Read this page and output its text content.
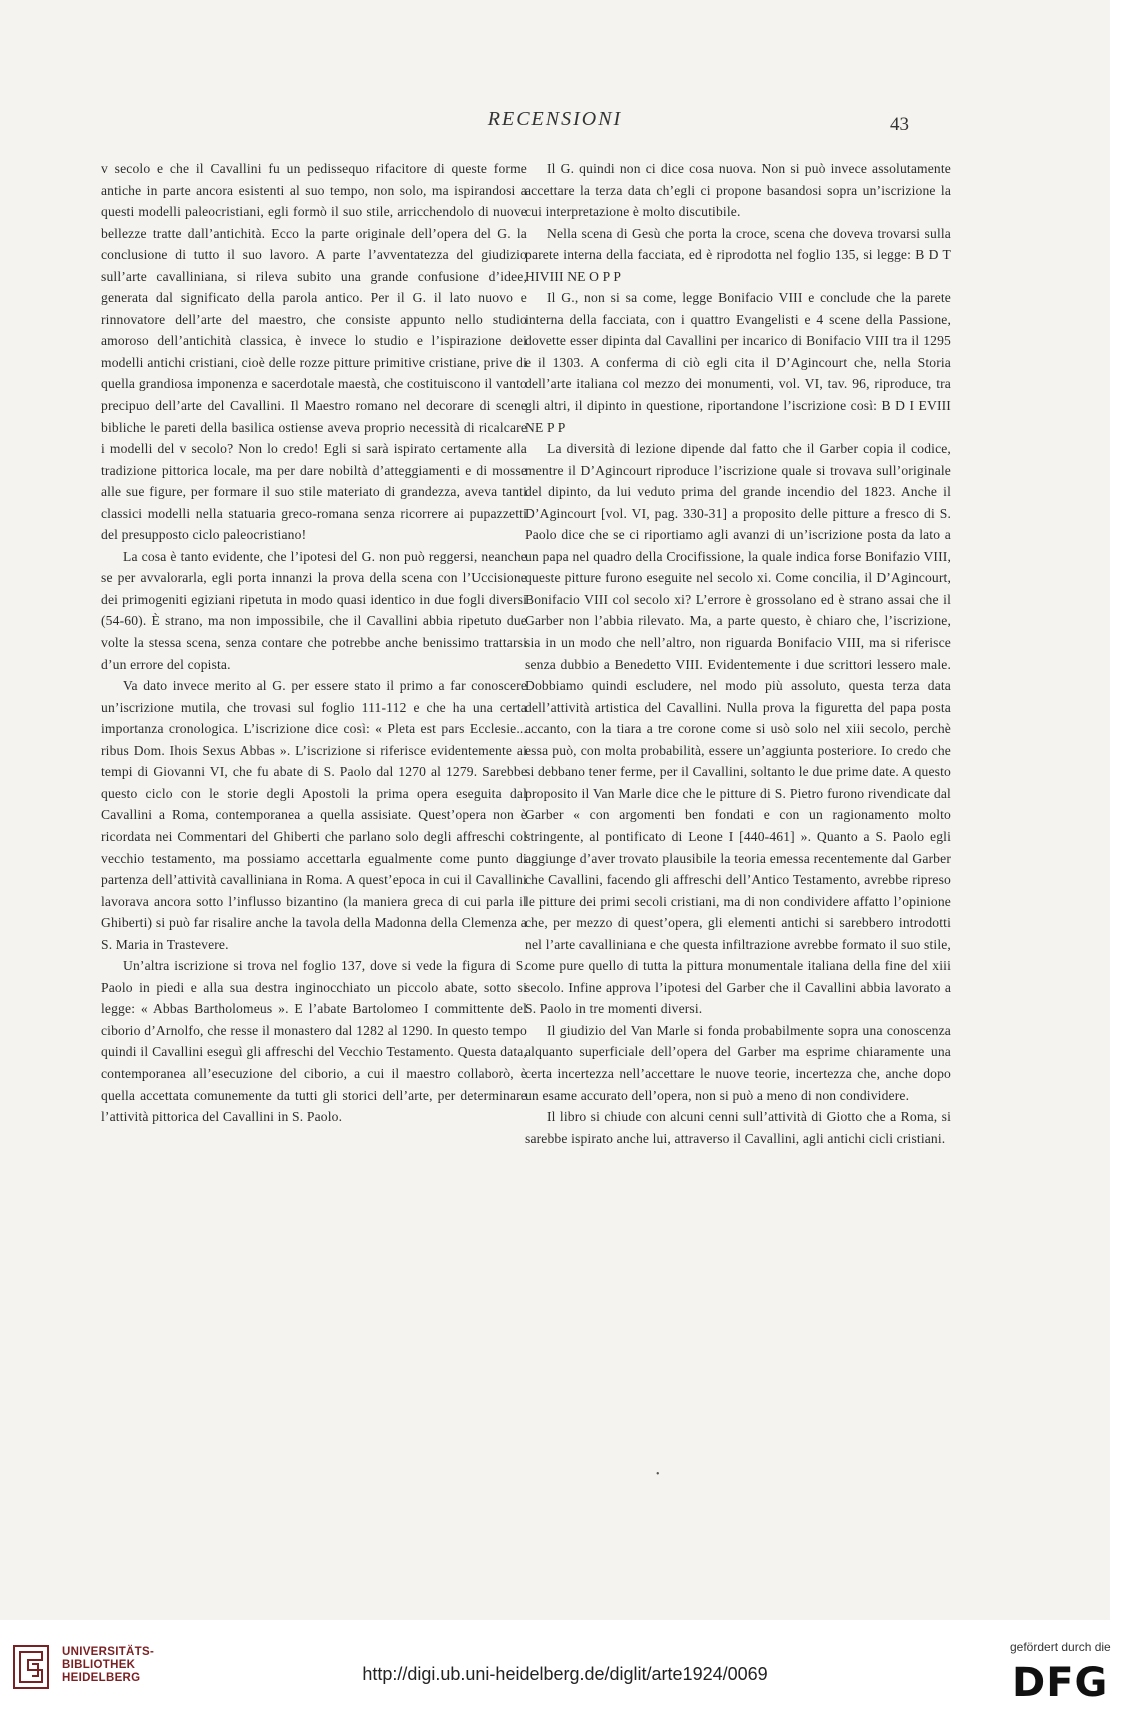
RECENSIONI	43

v secolo e che il Cavallini fu un pedissequo rifacitore di queste forme antiche in parte ancora esistenti al suo tempo, non solo, ma ispirandosi a questi modelli paleocristiani, egli formò il suo stile, arricchendolo di nuove bellezze tratte dall’antichità. Ecco la parte originale dell’opera del G. la conclusione di tutto il suo lavoro. A parte l’avventatezza del giudizio sull’arte cavalliniana, si rileva subito una grande confusione d’idee, generata dal significato della parola antico. Per il G. il lato nuovo e rinnovatore dell’arte del maestro, che consiste appunto nello studio amoroso dell’antichità classica, è invece lo studio e l’ispirazione dei modelli antichi cristiani, cioè delle rozze pitture primitive cristiane, prive di quella grandiosa imponenza e sacerdotale maestà, che costituiscono il vanto precipuo dell’arte del Cavallini. Il Maestro romano nel decorare di scene bibliche le pareti della basilica ostiense aveva proprio necessità di ricalcare i modelli del v secolo? Non lo credo! Egli si sarà ispirato certamente alla tradizione pittorica locale, ma per dare nobiltà d’atteggiamenti e di mosse alle sue figure, per formare il suo stile materiato di grandezza, aveva tanti classici modelli nella statuaria greco-romana senza ricorrere ai pupazzetti del presupposto ciclo paleocristiano!

La cosa è tanto evidente, che l’ipotesi del G. non può reggersi, neanche se per avvalorarla, egli porta innanzi la prova della scena con l’Uccisione dei primogeniti egiziani ripetuta in modo quasi identico in due fogli diversi (54-60). È strano, ma non impossibile, che il Cavallini abbia ripetuto due volte la stessa scena, senza contare che potrebbe anche benissimo trattarsi d’un errore del copista.

Va dato invece merito al G. per essere stato il primo a far conoscere un’iscrizione mutila, che trovasi sul foglio 111-112 e che ha una certa importanza cronologica. L’iscrizione dice così: « Pleta est pars Ecclesie... ribus Dom. Ihois Sexus Abbas ». L’iscrizione si riferisce evidentemente ai tempi di Giovanni VI, che fu abate di S. Paolo dal 1270 al 1279. Sarebbe questo ciclo con le storie degli Apostoli la prima opera eseguita dal Cavallini a Roma, contemporanea a quella assisiate. Quest’opera non è ricordata nei Commentari del Ghiberti che parlano solo degli affreschi col vecchio testamento, ma possiamo accettarla egualmente come punto di partenza dell’attività cavalliniana in Roma. A quest’epoca in cui il Cavallini lavorava ancora sotto l’influsso bizantino (la maniera greca di cui parla il Ghiberti) si può far risalire anche la tavola della Madonna della Clemenza a S. Maria in Trastevere.

Un’altra iscrizione si trova nel foglio 137, dove si vede la figura di S. Paolo in piedi e alla sua destra inginocchiato un piccolo abate, sotto si legge: « Abbas Bartholomeus ». E l’abate Bartolomeo I committente del ciborio d’Arnolfo, che resse il monastero dal 1282 al 1290. In questo tempo quindi il Cavallini eseguì gli affreschi del Vecchio Testamento. Questa data, contemporanea all’esecuzione del ciborio, a cui il maestro collaborò, è quella accettata comunemente da tutti gli storici dell’arte, per determinare l’attività pittorica del Cavallini in S. Paolo.

Il G. quindi non ci dice cosa nuova. Non si può invece assolutamente accettare la terza data ch’egli ci propone basandosi sopra un’iscrizione la cui interpretazione è molto discutibile.

Nella scena di Gesù che porta la croce, scena che doveva trovarsi sulla parete interna della facciata, ed è riprodotta nel foglio 135, si legge: B D T HIVIII NE O P P

Il G., non si sa come, legge Bonifacio VIII e conclude che la parete interna della facciata, con i quattro Evangelisti e 4 scene della Passione, dovette esser dipinta dal Cavallini per incarico di Bonifacio VIII tra il 1295 e il 1303. A conferma di ciò egli cita il D’Agincourt che, nella Storia dell’arte italiana col mezzo dei monumenti, vol. VI, tav. 96, riproduce, tra gli altri, il dipinto in questione, riportandone l’iscrizione così: B D I EVIII NE P P

La diversità di lezione dipende dal fatto che il Garber copia il codice, mentre il D’Agincourt riproduce l’iscrizione quale si trovava sull’originale del dipinto, da lui veduto prima del grande incendio del 1823. Anche il D’Agincourt [vol. VI, pag. 330-31] a proposito delle pitture a fresco di S. Paolo dice che se ci riportiamo agli avanzi di un’iscrizione posta da lato a un papa nel quadro della Crocifissione, la quale indica forse Bonifazio VIII, queste pitture furono eseguite nel secolo xi. Come concilia, il D’Agincourt, Bonifacio VIII col secolo xi? L’errore è grossolano ed è strano assai che il Garber non l’abbia rilevato. Ma, a parte questo, è chiaro che, l’iscrizione, sia in un modo che nell’altro, non riguarda Bonifacio VIII, ma si riferisce senza dubbio a Benedetto VIII. Evidentemente i due scrittori lessero male. Dobbiamo quindi escludere, nel modo più assoluto, questa terza data dell’attività artistica del Cavallini. Nulla prova la figuretta del papa posta accanto, con la tiara a tre corone come si usò solo nel xiii secolo, perchè essa può, con molta probabilità, essere un’aggiunta posteriore. Io credo che si debbano tener ferme, per il Cavallini, soltanto le due prime date. A questo proposito il Van Marle dice che le pitture di S. Pietro furono rivendicate dal Garber « con argomenti ben fondati e con un ragionamento molto stringente, al pontificato di Leone I [440-461] ». Quanto a S. Paolo egli aggiunge d’aver trovato plausibile la teoria emessa recentemente dal Garber che Cavallini, facendo gli affreschi dell’Antico Testamento, avrebbe ripreso le pitture dei primi secoli cristiani, ma di non condividere affatto l’opinione che, per mezzo di quest’opera, gli elementi antichi si sarebbero introdotti nel l’arte cavalliniana e che questa infiltrazione avrebbe formato il suo stile, come pure quello di tutta la pittura monumentale italiana della fine del xiii secolo. Infine approva l’ipotesi del Garber che il Cavallini abbia lavorato a S. Paolo in tre momenti diversi.

Il giudizio del Van Marle si fonda probabilmente sopra una conoscenza alquanto superficiale dell’opera del Garber ma esprime chiaramente una certa incertezza nell’accettare le nuove teorie, incertezza che, anche dopo un esame accurato dell’opera, non si può a meno di non condividere.

Il libro si chiude con alcuni cenni sull’attività di Giotto che a Roma, si sarebbe ispirato anche lui, attraverso il Cavallini, agli antichi cicli cristiani.

•
UNIVERSITÄTS-
BIBLIOTHEK
HEIDELBERG	http://digi.ub.uni-heidelberg.de/diglit/arte1924/0069
gefördert durch die
DFG
